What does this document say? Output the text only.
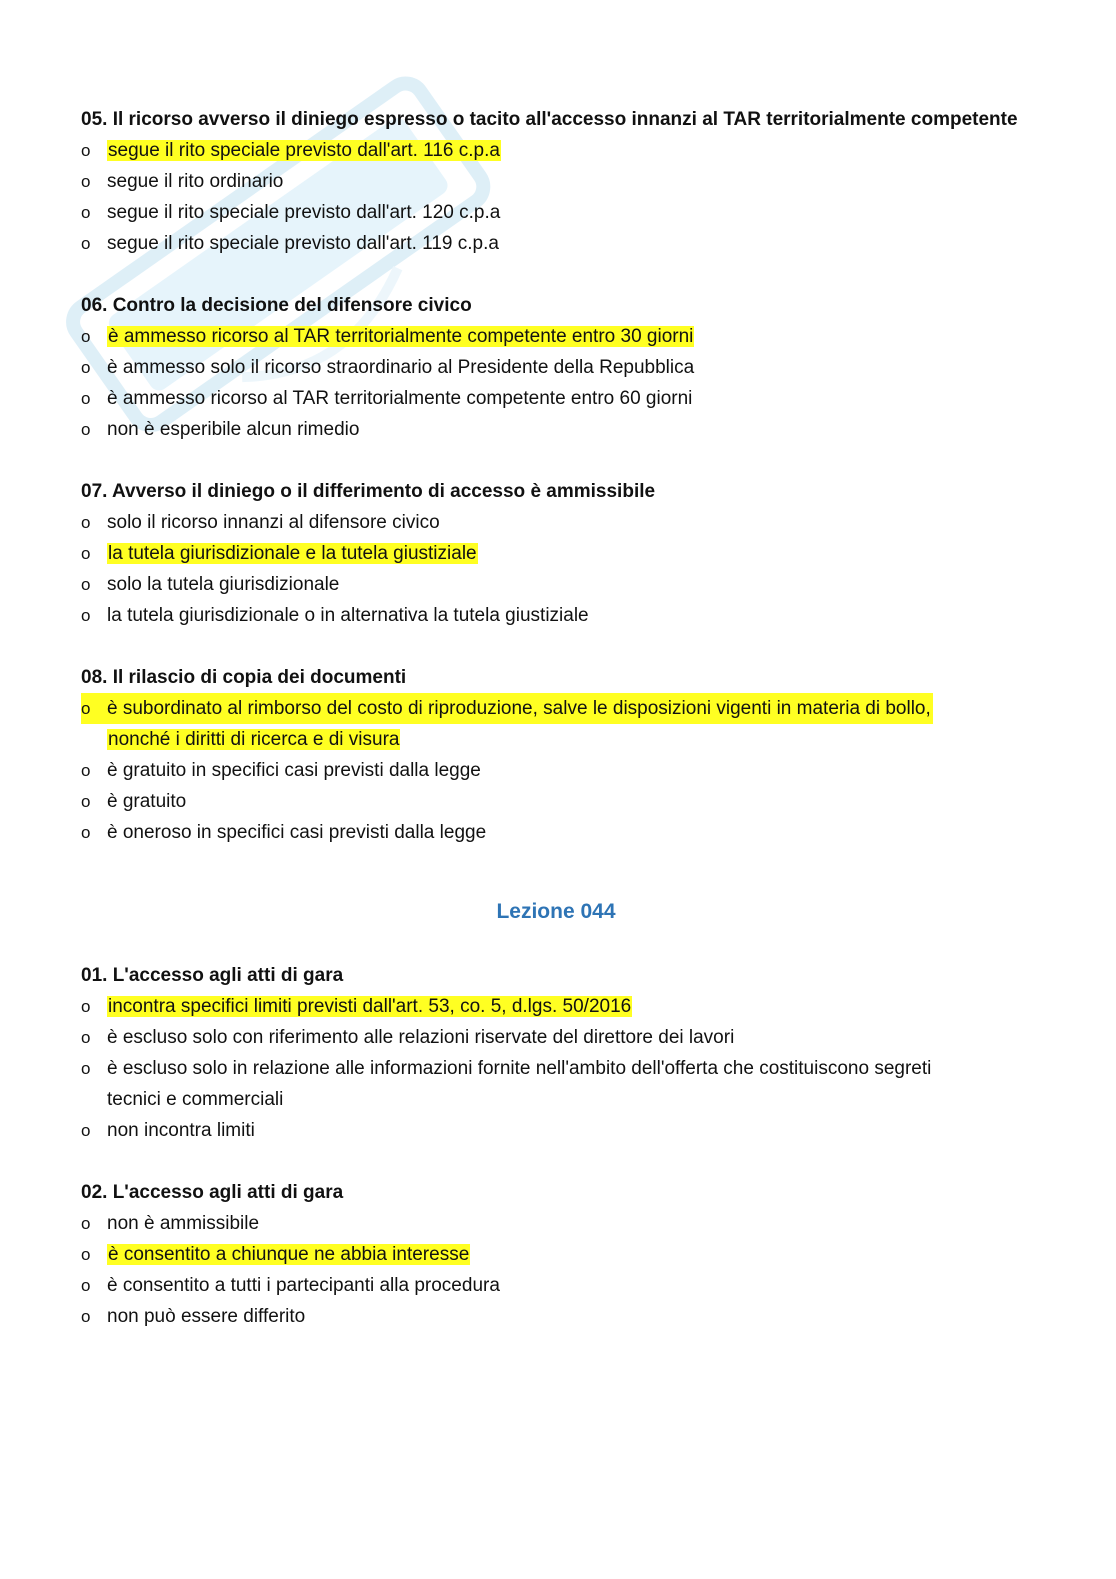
05. Il ricorso avverso il diniego espresso o tacito all'accesso innanzi al TAR territorialmente competente

o segue il rito speciale previsto dall'art. 116 c.p.a

o segue il rito ordinario

o segue il rito speciale previsto dall'art. 120 c.p.a

o segue il rito speciale previsto dall'art. 119 c.p.a

06. Contro la decisione del difensore civico

o è ammesso ricorso al TAR territorialmente competente entro 30 giorni

o è ammesso solo il ricorso straordinario al Presidente della Repubblica

o è ammesso ricorso al TAR territorialmente competente entro 60 giorni

o non è esperibile alcun rimedio

07. Avverso il diniego o il differimento di accesso è ammissibile

o solo il ricorso innanzi al difensore civico

o la tutela giurisdizionale e la tutela giustiziale

o solo la tutela giurisdizionale

o la tutela giurisdizionale o in alternativa la tutela giustiziale

08. Il rilascio di copia dei documenti

o è subordinato al rimborso del costo di riproduzione, salve le disposizioni vigenti in materia di bollo,
nonché i diritti di ricerca e di visura

o è gratuito in specifici casi previsti dalla legge

o è gratuito

o è oneroso in specifici casi previsti dalla legge

Lezione 044

01. L'accesso agli atti di gara

o incontra specifici limiti previsti dall'art. 53, co. 5, d.lgs. 50/2016

o è escluso solo con riferimento alle relazioni riservate del direttore dei lavori

o è escluso solo in relazione alle informazioni fornite nell'ambito dell'offerta che costituiscono segreti
tecnici e commerciali

o non incontra limiti

02. L'accesso agli atti di gara

o non è ammissibile

o è consentito a chiunque ne abbia interesse

o è consentito a tutti i partecipanti alla procedura

o non può essere differito
